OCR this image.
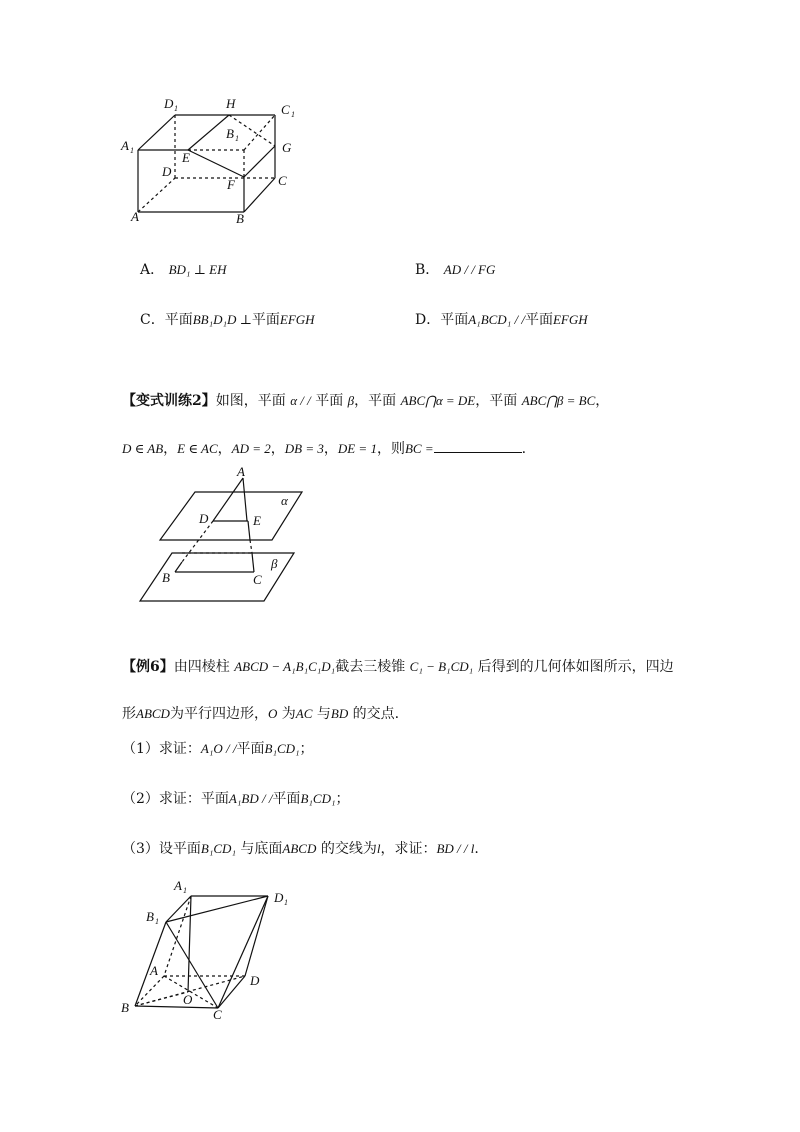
D 1	H	C 1
A 1
B 1
G
E
D
F	C
A	B
A． BD₁ ⊥ EH	B． AD / / FG
C．平面BB₁D₁D ⊥平面EFGH	D．平面A₁BCD₁ / /平面EFGH
【变式训练2】如图，平面 α / / 平面 β，平面 ABC⋂α = DE，平面 ABC⋂β = BC，
D ∈ AB，E ∈ AC，AD = 2，DB = 3，DE = 1，则BC =	.
A
D	E
α
B	C
β
【例6】由四棱柱 ABCD − A₁B₁C₁D₁截去三棱锥 C₁ − B₁CD₁ 后得到的几何体如图所示，四边
形ABCD为平行四边形，O 为AC 与BD 的交点.
（1）求证：A₁O / /平面B₁CD₁；
（2）求证：平面A₁BD / /平面B₁CD₁；
（3）设平面B₁CD₁ 与底面ABCD 的交线为l，求证：BD / / l.
A 1	D 1
B 1
A
D
O
B	C
